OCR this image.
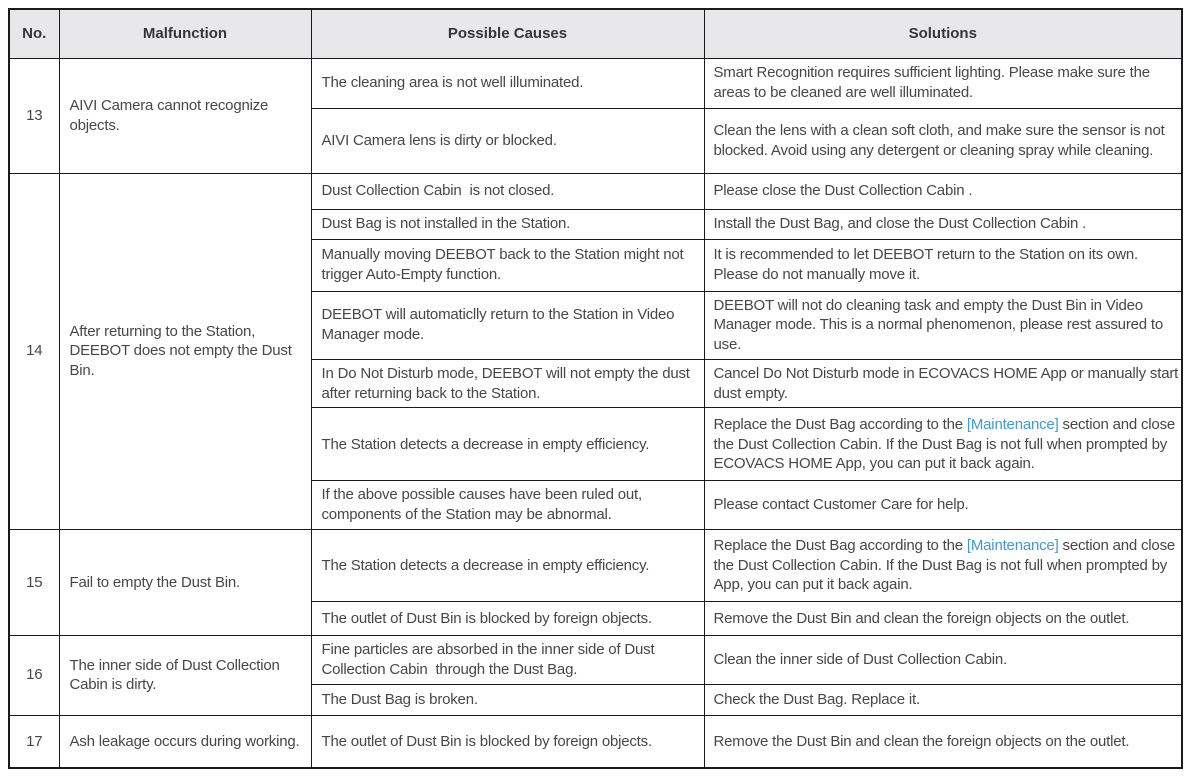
No.	Malfunction	Possible Causes	Solutions
13	AIVI Camera cannot recognize objects.	The cleaning area is not well illuminated.	Smart Recognition requires sufficient lighting. Please make sure the areas to be cleaned are well illuminated.
		AIVI Camera lens is dirty or blocked.	Clean the lens with a clean soft cloth, and make sure the sensor is not blocked. Avoid using any detergent or cleaning spray while cleaning.
14	After returning to the Station, DEEBOT does not empty the Dust Bin.	Dust Collection Cabin  is not closed.	Please close the Dust Collection Cabin .
		Dust Bag is not installed in the Station.	Install the Dust Bag, and close the Dust Collection Cabin .
		Manually moving DEEBOT back to the Station might not trigger Auto-Empty function.	It is recommended to let DEEBOT return to the Station on its own. Please do not manually move it.
		DEEBOT will automaticlly return to the Station in Video Manager mode.	DEEBOT will not do cleaning task and empty the Dust Bin in Video Manager mode. This is a normal phenomenon, please rest assured to use.
		In Do Not Disturb mode, DEEBOT will not empty the dust after returning back to the Station.	Cancel Do Not Disturb mode in ECOVACS HOME App or manually start dust empty.
		The Station detects a decrease in empty efficiency.	Replace the Dust Bag according to the [Maintenance] section and close the Dust Collection Cabin. If the Dust Bag is not full when prompted by ECOVACS HOME App, you can put it back again.
		If the above possible causes have been ruled out, components of the Station may be abnormal.	Please contact Customer Care for help.
15	Fail to empty the Dust Bin.	The Station detects a decrease in empty efficiency.	Replace the Dust Bag according to the [Maintenance] section and close the Dust Collection Cabin. If the Dust Bag is not full when prompted by App, you can put it back again.
		The outlet of Dust Bin is blocked by foreign objects.	Remove the Dust Bin and clean the foreign objects on the outlet.
16	The inner side of Dust Collection Cabin is dirty.	Fine particles are absorbed in the inner side of Dust Collection Cabin  through the Dust Bag.	Clean the inner side of Dust Collection Cabin.
		The Dust Bag is broken.	Check the Dust Bag. Replace it.
17	Ash leakage occurs during working.	The outlet of Dust Bin is blocked by foreign objects.	Remove the Dust Bin and clean the foreign objects on the outlet.
